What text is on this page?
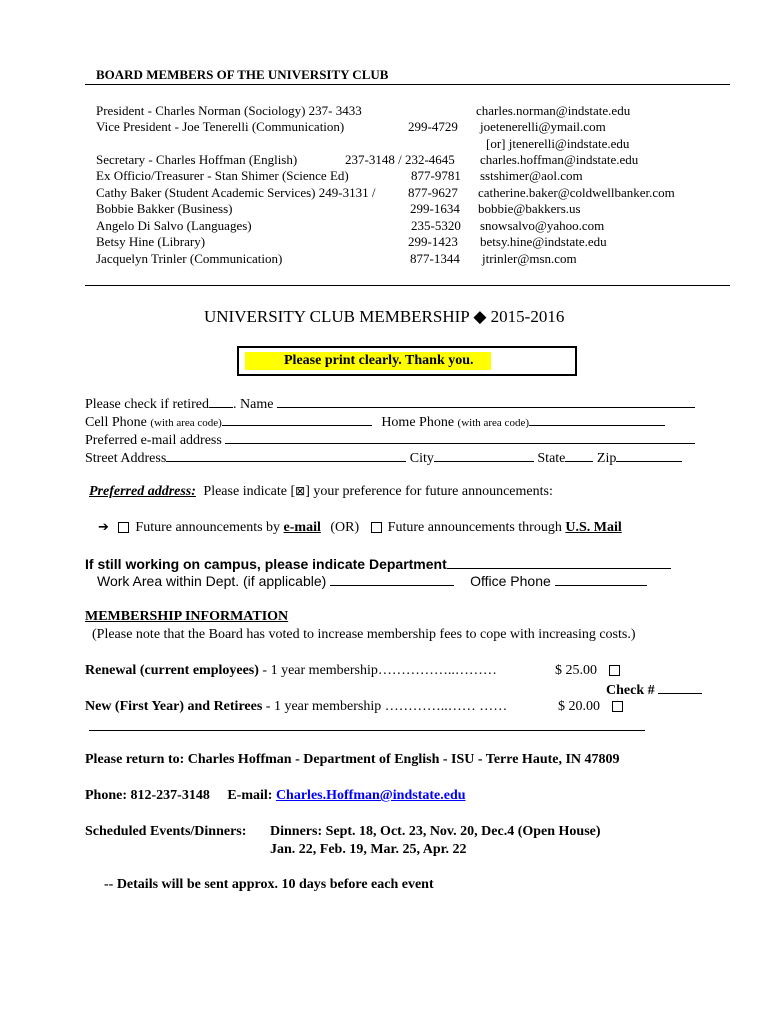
BOARD MEMBERS OF THE UNIVERSITY CLUB
President - Charles Norman (Sociology) 237- 3433	charles.norman@indstate.edu
Vice President - Joe Tenerelli (Communication)	299-4729 joetenerelli@ymail.com
[or] jtenerelli@indstate.edu
Secretary - Charles Hoffman (English)	237-3148 / 232-4645 charles.hoffman@indstate.edu
Ex Officio/Treasurer - Stan Shimer (Science Ed)	877-9781 sstshimer@aol.com
Cathy Baker (Student Academic Services) 249-3131 /	877-9627 catherine.baker@coldwellbanker.com
Bobbie Bakker (Business)	299-1634 bobbie@bakkers.us
Angelo Di Salvo (Languages)	235-5320 snowsalvo@yahoo.com
Betsy Hine (Library)	299-1423 betsy.hine@indstate.edu
Jacquelyn Trinler (Communication)	877-1344 jtrinler@msn.com
UNIVERSITY CLUB MEMBERSHIP ◆ 2015-2016
Please print clearly. Thank you.
Please check if retired . Name
Cell Phone (with area code)	Home Phone (with area code)
Preferred e-mail address
Street Address	City	State Zip
Preferred address: Please indicate [⊠] your preference for future announcements:
➔ Future announcements by e-mail (OR) Future announcements through U.S. Mail
If still working on campus, please indicate Department
Work Area within Dept. (if applicable)	Office Phone
MEMBERSHIP INFORMATION
(Please note that the Board has voted to increase membership fees to cope with increasing costs.)
Renewal (current employees) - 1 year membership……………..………	$ 25.00
Check #
New (First Year) and Retirees - 1 year membership …………..…… ……	$ 20.00
Please return to: Charles Hoffman - Department of English - ISU - Terre Haute, IN 47809
Phone: 812-237-3148 E-mail: Charles.Hoffman@indstate.edu
Scheduled Events/Dinners: Dinners: Sept. 18, Oct. 23, Nov. 20, Dec.4 (Open House)
Jan. 22, Feb. 19, Mar. 25, Apr. 22
-- Details will be sent approx. 10 days before each event
